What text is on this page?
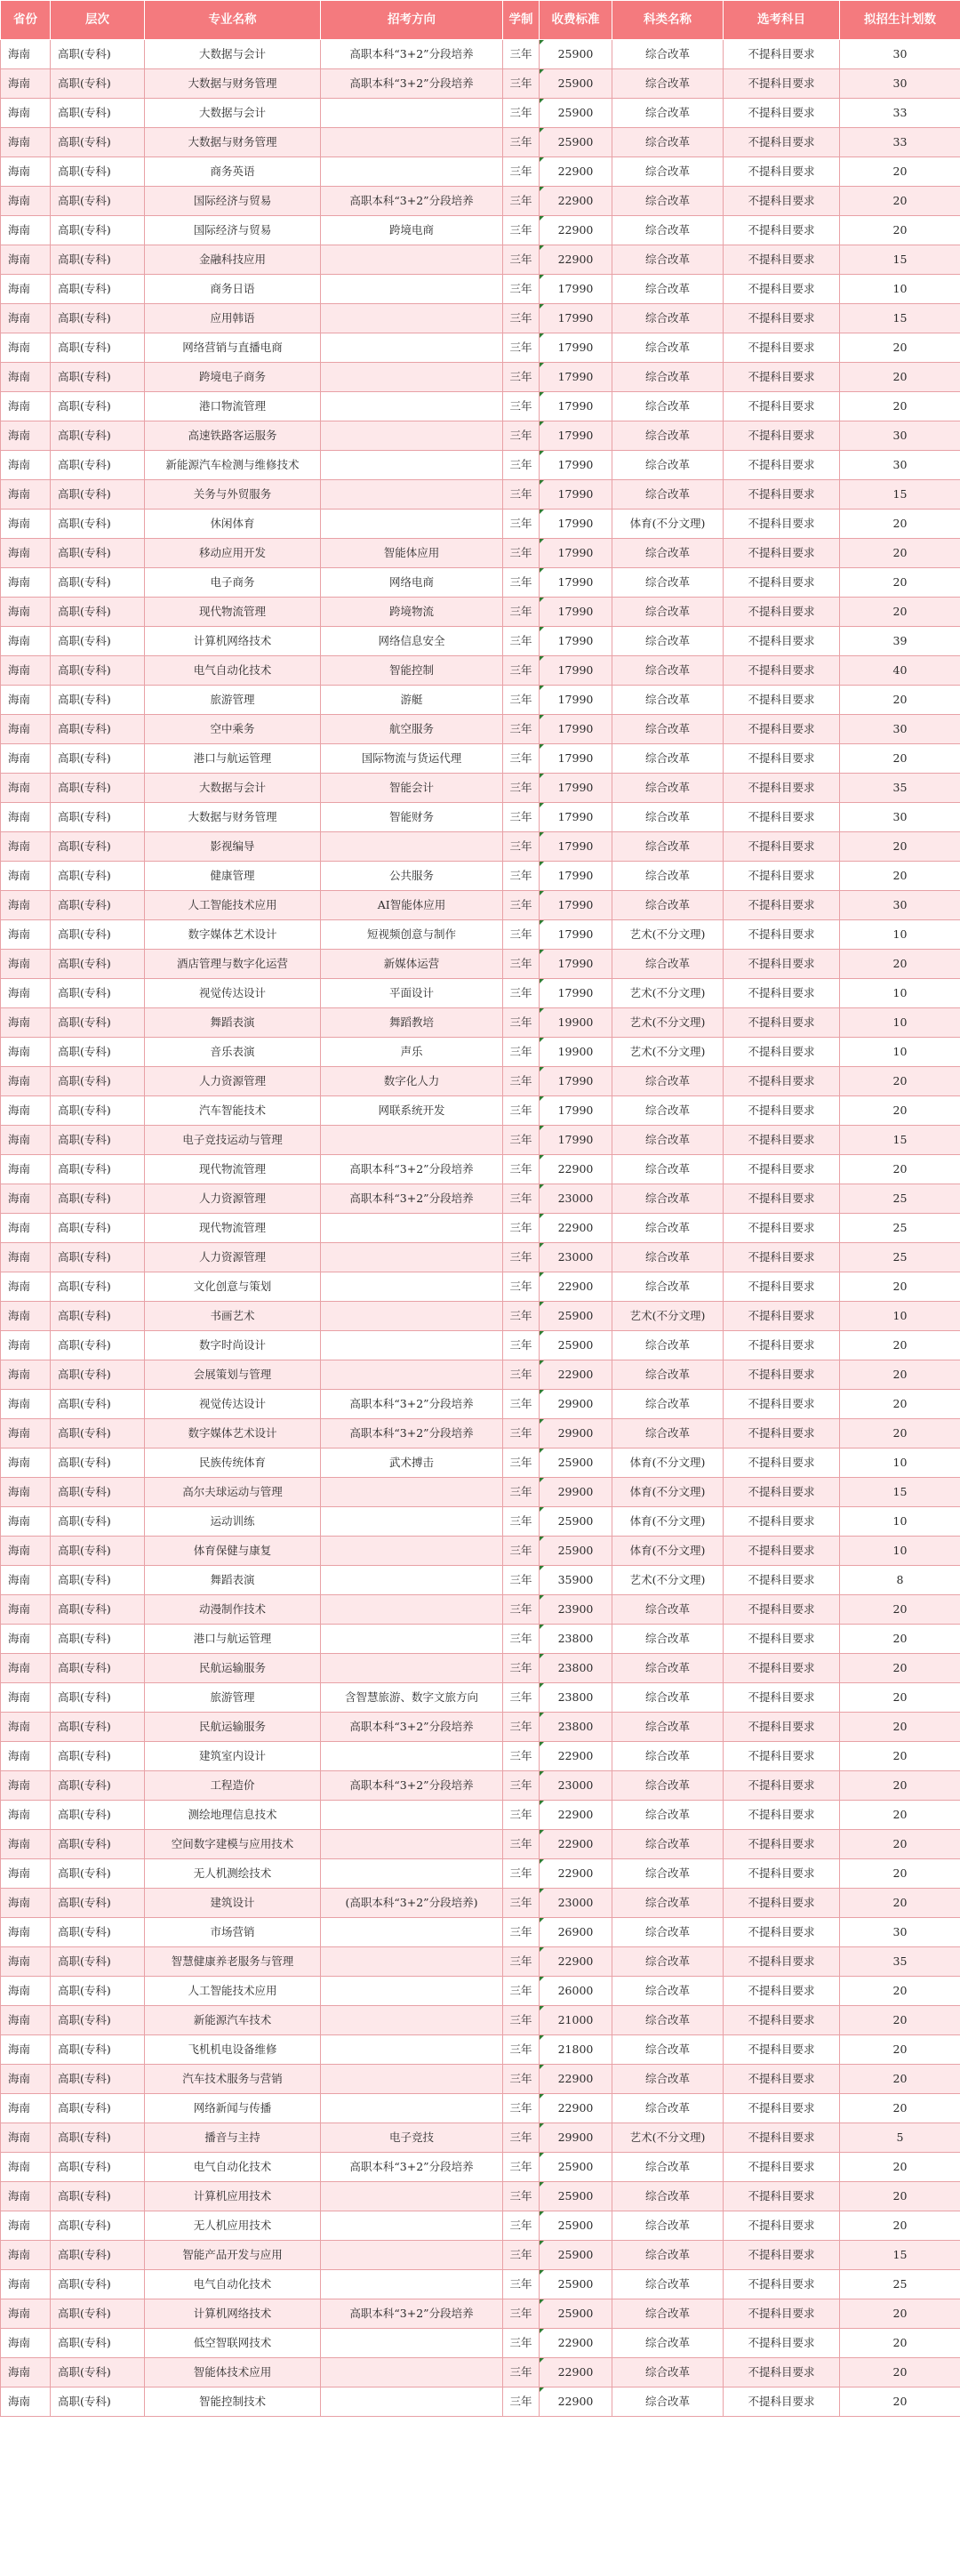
省份	层次	专业名称	招考方向	学制	收费标准	科类名称	选考科目	拟招生计划数
海南	高职(专科)	大数据与会计	高职本科“3+2”分段培养	三年	25900	综合改革	不提科目要求	30
海南	高职(专科)	大数据与财务管理	高职本科“3+2”分段培养	三年	25900	综合改革	不提科目要求	30
海南	高职(专科)	大数据与会计		三年	25900	综合改革	不提科目要求	33
海南	高职(专科)	大数据与财务管理		三年	25900	综合改革	不提科目要求	33
海南	高职(专科)	商务英语		三年	22900	综合改革	不提科目要求	20
海南	高职(专科)	国际经济与贸易	高职本科“3+2”分段培养	三年	22900	综合改革	不提科目要求	20
海南	高职(专科)	国际经济与贸易	跨境电商	三年	22900	综合改革	不提科目要求	20
海南	高职(专科)	金融科技应用		三年	22900	综合改革	不提科目要求	15
海南	高职(专科)	商务日语		三年	17990	综合改革	不提科目要求	10
海南	高职(专科)	应用韩语		三年	17990	综合改革	不提科目要求	15
海南	高职(专科)	网络营销与直播电商		三年	17990	综合改革	不提科目要求	20
海南	高职(专科)	跨境电子商务		三年	17990	综合改革	不提科目要求	20
海南	高职(专科)	港口物流管理		三年	17990	综合改革	不提科目要求	20
海南	高职(专科)	高速铁路客运服务		三年	17990	综合改革	不提科目要求	30
海南	高职(专科)	新能源汽车检测与维修技术		三年	17990	综合改革	不提科目要求	30
海南	高职(专科)	关务与外贸服务		三年	17990	综合改革	不提科目要求	15
海南	高职(专科)	休闲体育		三年	17990	体育(不分文理)	不提科目要求	20
海南	高职(专科)	移动应用开发	智能体应用	三年	17990	综合改革	不提科目要求	20
海南	高职(专科)	电子商务	网络电商	三年	17990	综合改革	不提科目要求	20
海南	高职(专科)	现代物流管理	跨境物流	三年	17990	综合改革	不提科目要求	20
海南	高职(专科)	计算机网络技术	网络信息安全	三年	17990	综合改革	不提科目要求	39
海南	高职(专科)	电气自动化技术	智能控制	三年	17990	综合改革	不提科目要求	40
海南	高职(专科)	旅游管理	游艇	三年	17990	综合改革	不提科目要求	20
海南	高职(专科)	空中乘务	航空服务	三年	17990	综合改革	不提科目要求	30
海南	高职(专科)	港口与航运管理	国际物流与货运代理	三年	17990	综合改革	不提科目要求	20
海南	高职(专科)	大数据与会计	智能会计	三年	17990	综合改革	不提科目要求	35
海南	高职(专科)	大数据与财务管理	智能财务	三年	17990	综合改革	不提科目要求	30
海南	高职(专科)	影视编导		三年	17990	综合改革	不提科目要求	20
海南	高职(专科)	健康管理	公共服务	三年	17990	综合改革	不提科目要求	20
海南	高职(专科)	人工智能技术应用	AI智能体应用	三年	17990	综合改革	不提科目要求	30
海南	高职(专科)	数字媒体艺术设计	短视频创意与制作	三年	17990	艺术(不分文理)	不提科目要求	10
海南	高职(专科)	酒店管理与数字化运营	新媒体运营	三年	17990	综合改革	不提科目要求	20
海南	高职(专科)	视觉传达设计	平面设计	三年	17990	艺术(不分文理)	不提科目要求	10
海南	高职(专科)	舞蹈表演	舞蹈教培	三年	19900	艺术(不分文理)	不提科目要求	10
海南	高职(专科)	音乐表演	声乐	三年	19900	艺术(不分文理)	不提科目要求	10
海南	高职(专科)	人力资源管理	数字化人力	三年	17990	综合改革	不提科目要求	20
海南	高职(专科)	汽车智能技术	网联系统开发	三年	17990	综合改革	不提科目要求	20
海南	高职(专科)	电子竞技运动与管理		三年	17990	综合改革	不提科目要求	15
海南	高职(专科)	现代物流管理	高职本科“3+2”分段培养	三年	22900	综合改革	不提科目要求	20
海南	高职(专科)	人力资源管理	高职本科“3+2”分段培养	三年	23000	综合改革	不提科目要求	25
海南	高职(专科)	现代物流管理		三年	22900	综合改革	不提科目要求	25
海南	高职(专科)	人力资源管理		三年	23000	综合改革	不提科目要求	25
海南	高职(专科)	文化创意与策划		三年	22900	综合改革	不提科目要求	20
海南	高职(专科)	书画艺术		三年	25900	艺术(不分文理)	不提科目要求	10
海南	高职(专科)	数字时尚设计		三年	25900	综合改革	不提科目要求	20
海南	高职(专科)	会展策划与管理		三年	22900	综合改革	不提科目要求	20
海南	高职(专科)	视觉传达设计	高职本科“3+2”分段培养	三年	29900	综合改革	不提科目要求	20
海南	高职(专科)	数字媒体艺术设计	高职本科“3+2”分段培养	三年	29900	综合改革	不提科目要求	20
海南	高职(专科)	民族传统体育	武术搏击	三年	25900	体育(不分文理)	不提科目要求	10
海南	高职(专科)	高尔夫球运动与管理		三年	29900	体育(不分文理)	不提科目要求	15
海南	高职(专科)	运动训练		三年	25900	体育(不分文理)	不提科目要求	10
海南	高职(专科)	体育保健与康复		三年	25900	体育(不分文理)	不提科目要求	10
海南	高职(专科)	舞蹈表演		三年	35900	艺术(不分文理)	不提科目要求	8
海南	高职(专科)	动漫制作技术		三年	23900	综合改革	不提科目要求	20
海南	高职(专科)	港口与航运管理		三年	23800	综合改革	不提科目要求	20
海南	高职(专科)	民航运输服务		三年	23800	综合改革	不提科目要求	20
海南	高职(专科)	旅游管理	含智慧旅游、数字文旅方向	三年	23800	综合改革	不提科目要求	20
海南	高职(专科)	民航运输服务	高职本科“3+2”分段培养	三年	23800	综合改革	不提科目要求	20
海南	高职(专科)	建筑室内设计		三年	22900	综合改革	不提科目要求	20
海南	高职(专科)	工程造价	高职本科“3+2”分段培养	三年	23000	综合改革	不提科目要求	20
海南	高职(专科)	测绘地理信息技术		三年	22900	综合改革	不提科目要求	20
海南	高职(专科)	空间数字建模与应用技术		三年	22900	综合改革	不提科目要求	20
海南	高职(专科)	无人机测绘技术		三年	22900	综合改革	不提科目要求	20
海南	高职(专科)	建筑设计	(高职本科“3+2”分段培养)	三年	23000	综合改革	不提科目要求	20
海南	高职(专科)	市场营销		三年	26900	综合改革	不提科目要求	30
海南	高职(专科)	智慧健康养老服务与管理		三年	22900	综合改革	不提科目要求	35
海南	高职(专科)	人工智能技术应用		三年	26000	综合改革	不提科目要求	20
海南	高职(专科)	新能源汽车技术		三年	21000	综合改革	不提科目要求	20
海南	高职(专科)	飞机机电设备维修		三年	21800	综合改革	不提科目要求	20
海南	高职(专科)	汽车技术服务与营销		三年	22900	综合改革	不提科目要求	20
海南	高职(专科)	网络新闻与传播		三年	22900	综合改革	不提科目要求	20
海南	高职(专科)	播音与主持	电子竞技	三年	29900	艺术(不分文理)	不提科目要求	5
海南	高职(专科)	电气自动化技术	高职本科“3+2”分段培养	三年	25900	综合改革	不提科目要求	20
海南	高职(专科)	计算机应用技术		三年	25900	综合改革	不提科目要求	20
海南	高职(专科)	无人机应用技术		三年	25900	综合改革	不提科目要求	20
海南	高职(专科)	智能产品开发与应用		三年	25900	综合改革	不提科目要求	15
海南	高职(专科)	电气自动化技术		三年	25900	综合改革	不提科目要求	25
海南	高职(专科)	计算机网络技术	高职本科“3+2”分段培养	三年	25900	综合改革	不提科目要求	20
海南	高职(专科)	低空智联网技术		三年	22900	综合改革	不提科目要求	20
海南	高职(专科)	智能体技术应用		三年	22900	综合改革	不提科目要求	20
海南	高职(专科)	智能控制技术		三年	22900	综合改革	不提科目要求	20
